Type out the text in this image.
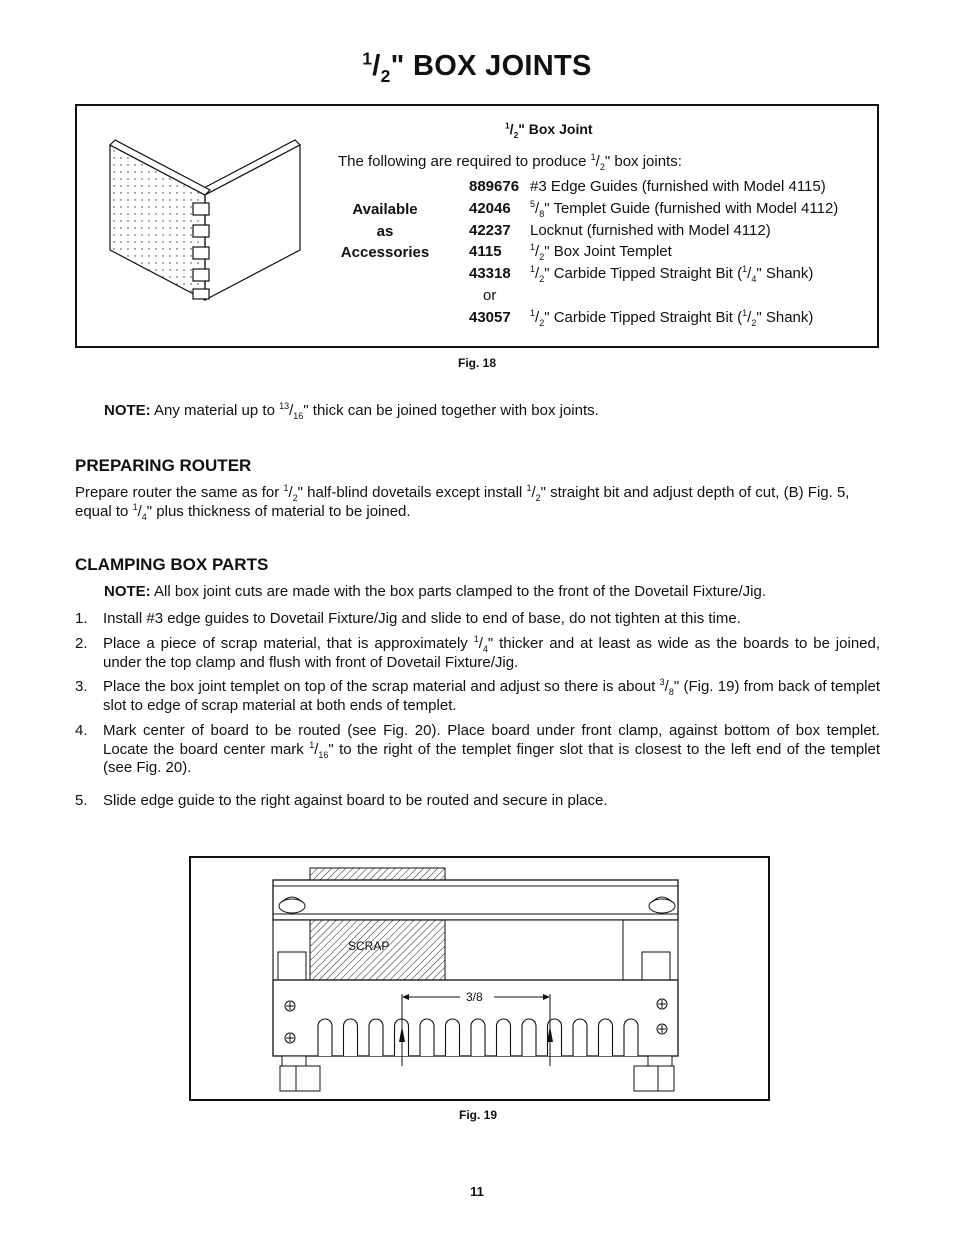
$^1/_2$" BOX JOINTS
$^1/_2$" Box Joint
The following are required to produce $^1/_2$" box joints:
Available
as
Accessories
889676 #3 Edge Guides (furnished with Model 4115)
42046 $^5/_8$" Templet Guide (furnished with Model 4112)
42237 Locknut (furnished with Model 4112)
4115	$^1/_2$" Box Joint Templet
43318 $^1/_2$" Carbide Tipped Straight Bit ($^1/_4$" Shank)
or
43057 $^1/_2$" Carbide Tipped Straight Bit ($^1/_2$" Shank)
Fig. 18
NOTE: Any material up to $^{13}/_{16}$" thick can be joined together with box joints.
PREPARING ROUTER
Prepare router the same as for $^1/_2$" half-blind dovetails except install $^1/_2$" straight bit and adjust depth of cut, (B) Fig. 5,
equal to $^1/_4$" plus thickness of material to be joined.
CLAMPING BOX PARTS
NOTE: All box joint cuts are made with the box parts clamped to the front of the Dovetail Fixture/Jig.
1. Install #3 edge guides to Dovetail Fixture/Jig and slide to end of base, do not tighten at this time.
2. Place a piece of scrap material, that is approximately $^1/_4$" thicker and at least as wide as the boards to be joined, under the top clamp and flush with front of Dovetail Fixture/Jig.
3. Place the box joint templet on top of the scrap material and adjust so there is about $^3/_8$" (Fig. 19) from back of templet slot to edge of scrap material at both ends of templet.
4. Mark center of board to be routed (see Fig. 20). Place board under front clamp, against bottom of box templet. Locate the board center mark $^1/_{16}$" to the right of the templet finger slot that is closest to the left end of the templet (see Fig. 20).
5. Slide edge guide to the right against board to be routed and secure in place.
SCRAP
3/8
Fig. 19
11
